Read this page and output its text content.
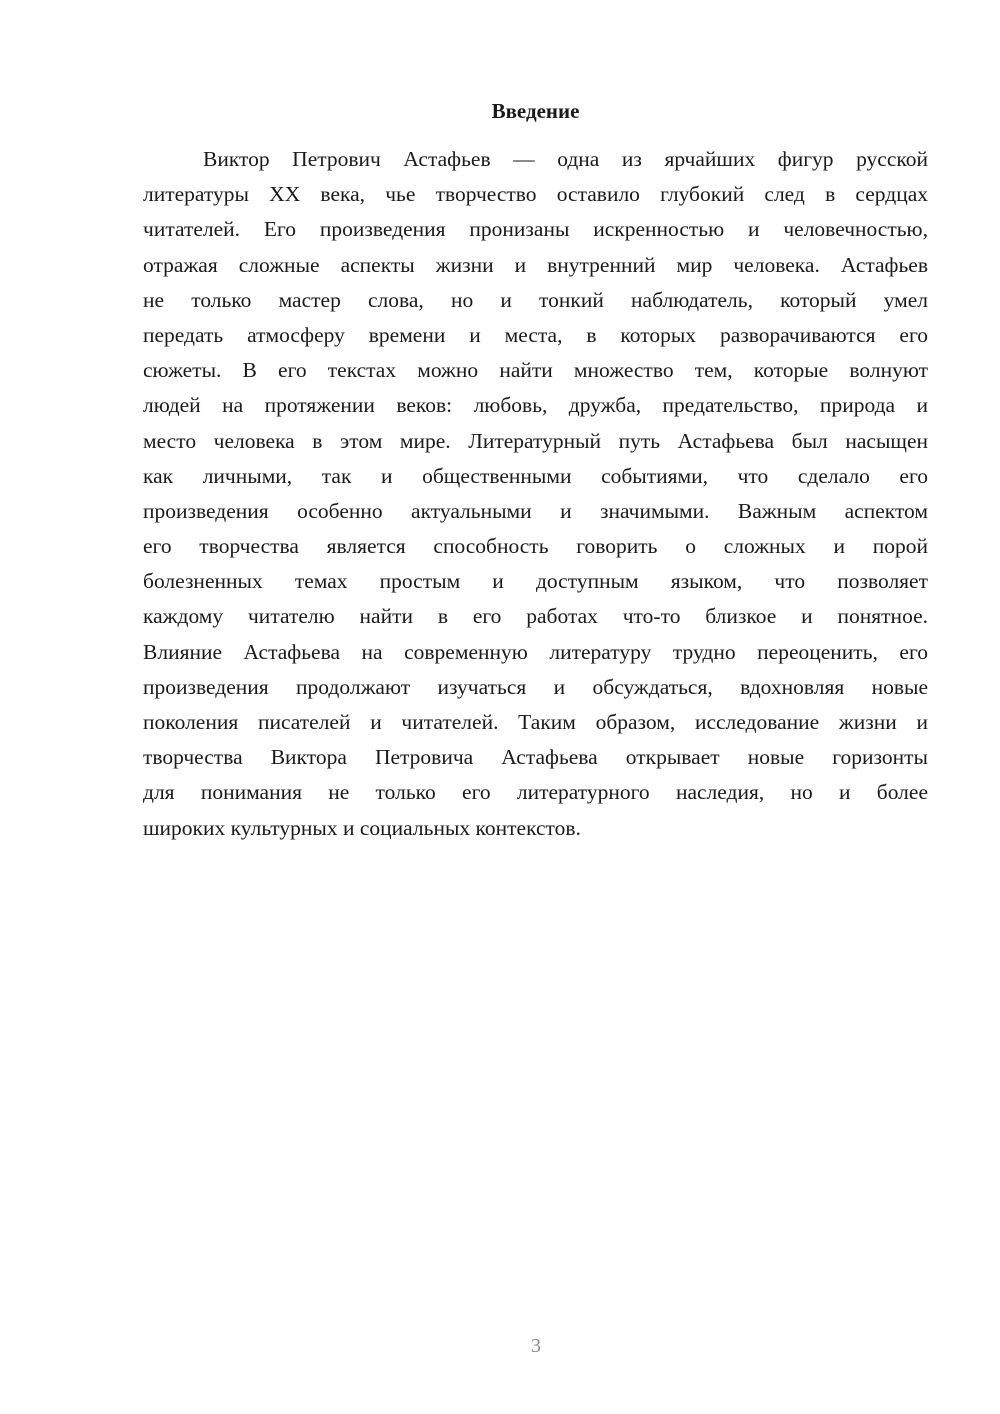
Введение
Виктор Петрович Астафьев — одна из ярчайших фигур русской
литературы XX века, чье творчество оставило глубокий след в сердцах
читателей. Его произведения пронизаны искренностью и человечностью,
отражая сложные аспекты жизни и внутренний мир человека. Астафьев
не только мастер слова, но и тонкий наблюдатель, который умел
передать атмосферу времени и места, в которых разворачиваются его
сюжеты. В его текстах можно найти множество тем, которые волнуют
людей на протяжении веков: любовь, дружба, предательство, природа и
место человека в этом мире. Литературный путь Астафьева был насыщен
как личными, так и общественными событиями, что сделало его
произведения особенно актуальными и значимыми. Важным аспектом
его творчества является способность говорить о сложных и порой
болезненных темах простым и доступным языком, что позволяет
каждому читателю найти в его работах что-то близкое и понятное.
Влияние Астафьева на современную литературу трудно переоценить, его
произведения продолжают изучаться и обсуждаться, вдохновляя новые
поколения писателей и читателей. Таким образом, исследование жизни и
творчества Виктора Петровича Астафьева открывает новые горизонты
для понимания не только его литературного наследия, но и более
широких культурных и социальных контекстов.
3
